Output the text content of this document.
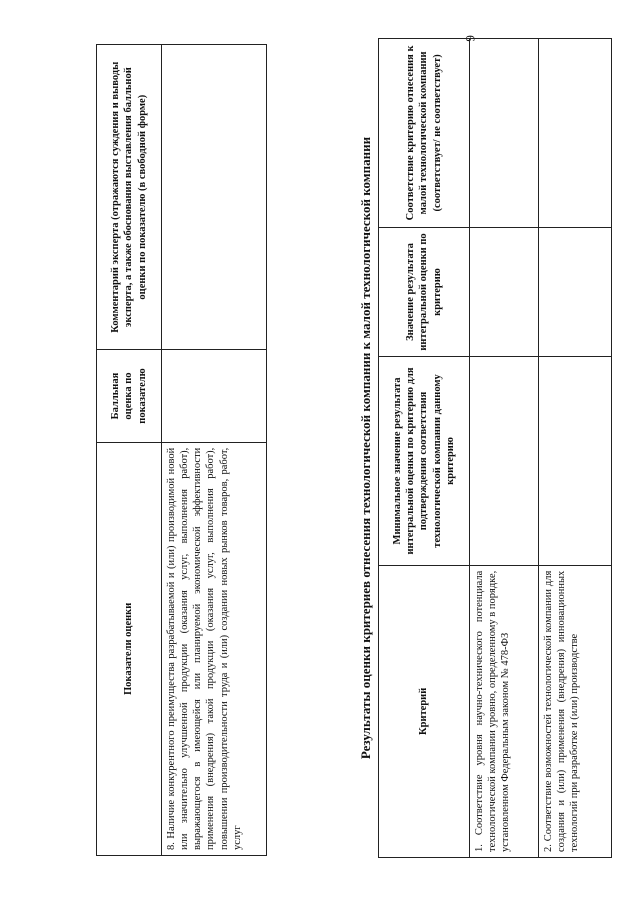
6
Показатели оценки	Балльная оценка по показателю	Комментарий эксперта (отражаются суждения и выводы эксперта, а также обоснования выставления балльной оценки по показателю (в свободной форме)
8. Наличие конкурентного преимущества разрабатываемой и (или) производимой новой или значительно улучшенной продукции (оказания услуг, выполнения работ), выражающегося в имеющейся или планируемой экономической эффективности применения (внедрения) такой продукции (оказания услуг, выполнения работ), повышении производительности труда и (или) создании новых рынков товаров, работ, услуг		
Результаты оценки критериев отнесения технологической компании к малой технологической компании	Критерий	Минимальное значение результата интегральной оценки по критерию для подтверждения соответствия технологической компании данному критерию	Значение результата интегральной оценки по критерию	Соответствие критерию отнесения к малой технологической компании (соответствует/ не соответствует)
1. Соответствие уровня научно-технического потенциала технологической компании уровню, определенному в порядке, установленном Федеральным законом № 478-ФЗ			
2. Соответствие возможностей технологической компании для создания и (или) применения (внедрения) инновационных технологий при разработке и (или) производстве			
